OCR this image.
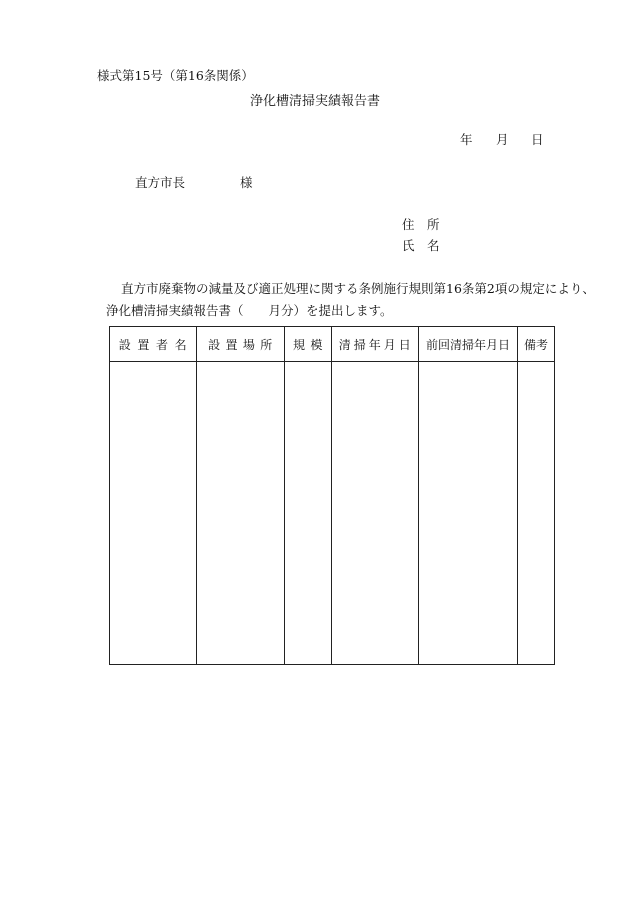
様式第15号（第16条関係）
浄化槽清掃実績報告書
年 月 日
直方市長	様
住　所
氏　名
直方市廃棄物の減量及び適正処理に関する条例施行規則第16条第2項の規定により、
浄化槽清掃実績報告書（　　月分）を提出します。
設置者名	設置場所	規模	清掃年月日	前回清掃年月日	備考
